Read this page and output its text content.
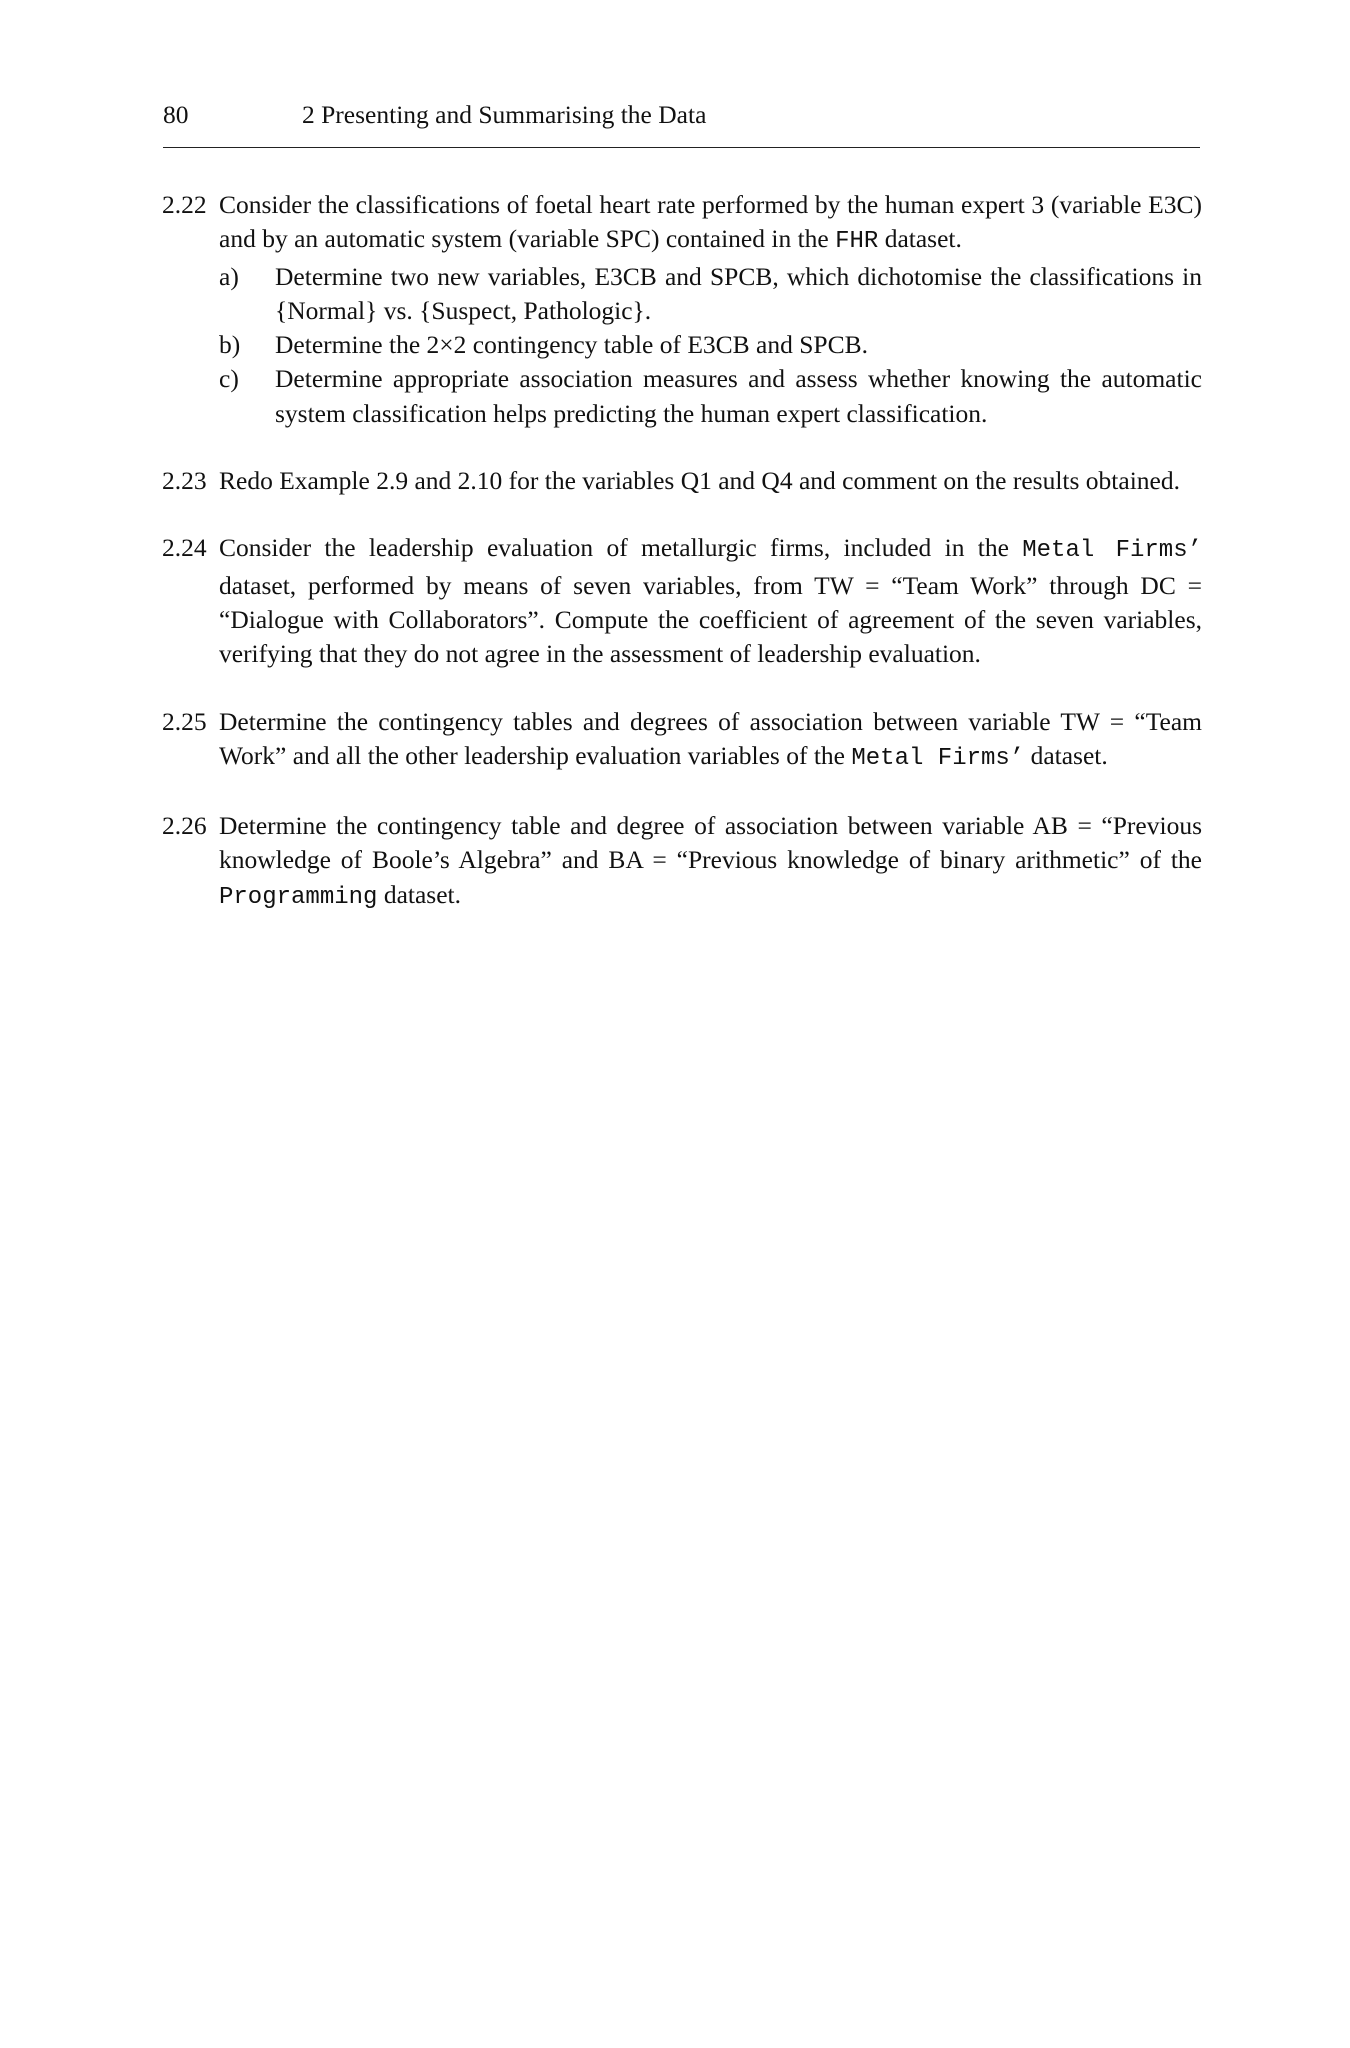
80	2 Presenting and Summarising the Data
2.22 Consider the classifications of foetal heart rate performed by the human expert 3 (variable E3C) and by an automatic system (variable SPC) contained in the FHR dataset.
a) Determine two new variables, E3CB and SPCB, which dichotomise the classifications in {Normal} vs. {Suspect, Pathologic}.
b) Determine the 2×2 contingency table of E3CB and SPCB.
c) Determine appropriate association measures and assess whether knowing the automatic system classification helps predicting the human expert classification.
2.23 Redo Example 2.9 and 2.10 for the variables Q1 and Q4 and comment on the results obtained.
2.24 Consider the leadership evaluation of metallurgic firms, included in the Metal Firms’ dataset, performed by means of seven variables, from TW = “Team Work” through DC = “Dialogue with Collaborators”. Compute the coefficient of agreement of the seven variables, verifying that they do not agree in the assessment of leadership evaluation.
2.25 Determine the contingency tables and degrees of association between variable TW = “Team Work” and all the other leadership evaluation variables of the Metal Firms’ dataset.
2.26 Determine the contingency table and degree of association between variable AB = “Previous knowledge of Boole’s Algebra” and BA = “Previous knowledge of binary arithmetic” of the Programming dataset.
